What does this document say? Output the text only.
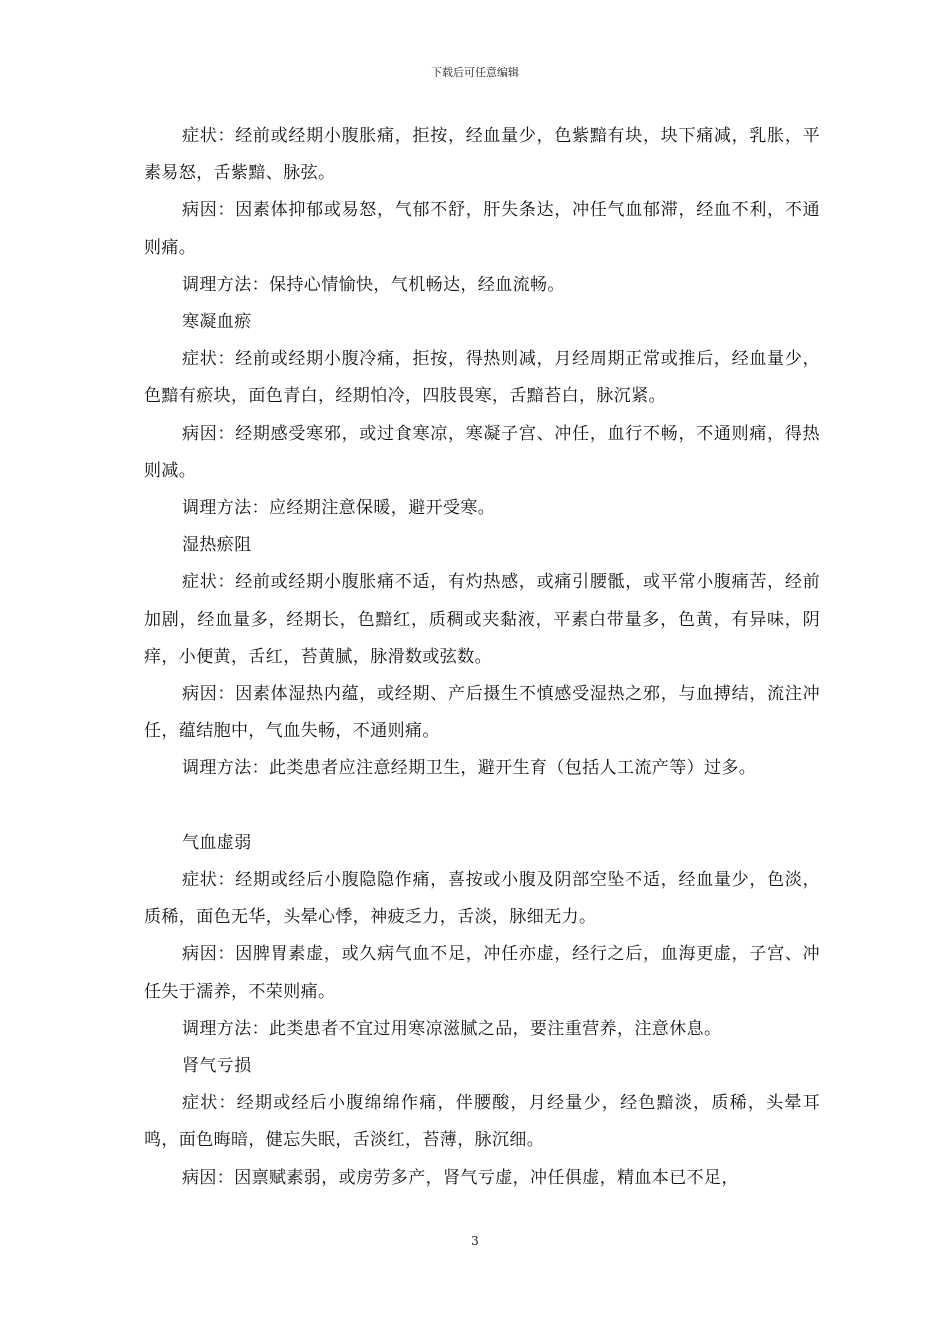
下载后可任意编辑

症状：经前或经期小腹胀痛，拒按，经血量少，色紫黯有块，块下痛减，乳胀，平素易怒，舌紫黯、脉弦。

病因：因素体抑郁或易怒，气郁不舒，肝失条达，冲任气血郁滞，经血不利，不通则痛。

调理方法：保持心情愉快，气机畅达，经血流畅。

寒凝血瘀

症状：经前或经期小腹冷痛，拒按，得热则减，月经周期正常或推后，经血量少，色黯有瘀块，面色青白，经期怕冷，四肢畏寒，舌黯苔白，脉沉紧。

病因：经期感受寒邪，或过食寒凉，寒凝子宫、冲任，血行不畅，不通则痛，得热则减。

调理方法：应经期注意保暖，避开受寒。

湿热瘀阻

症状：经前或经期小腹胀痛不适，有灼热感，或痛引腰骶，或平常小腹痛苦，经前加剧，经血量多，经期长，色黯红，质稠或夹黏液，平素白带量多，色黄，有异味，阴痒，小便黄，舌红，苔黄腻，脉滑数或弦数。

病因：因素体湿热内蕴，或经期、产后摄生不慎感受湿热之邪，与血搏结，流注冲任，蕴结胞中，气血失畅，不通则痛。

调理方法：此类患者应注意经期卫生，避开生育（包括人工流产等）过多。

气血虚弱

症状：经期或经后小腹隐隐作痛，喜按或小腹及阴部空坠不适，经血量少，色淡，质稀，面色无华，头晕心悸，神疲乏力，舌淡，脉细无力。

病因：因脾胃素虚，或久病气血不足，冲任亦虚，经行之后，血海更虚，子宫、冲任失于濡养，不荣则痛。

调理方法：此类患者不宜过用寒凉滋腻之品，要注重营养，注意休息。

肾气亏损

症状：经期或经后小腹绵绵作痛，伴腰酸，月经量少，经色黯淡，质稀，头晕耳鸣，面色晦暗，健忘失眠，舌淡红，苔薄，脉沉细。

病因：因禀赋素弱，或房劳多产，肾气亏虚，冲任俱虚，精血本已不足，

3
